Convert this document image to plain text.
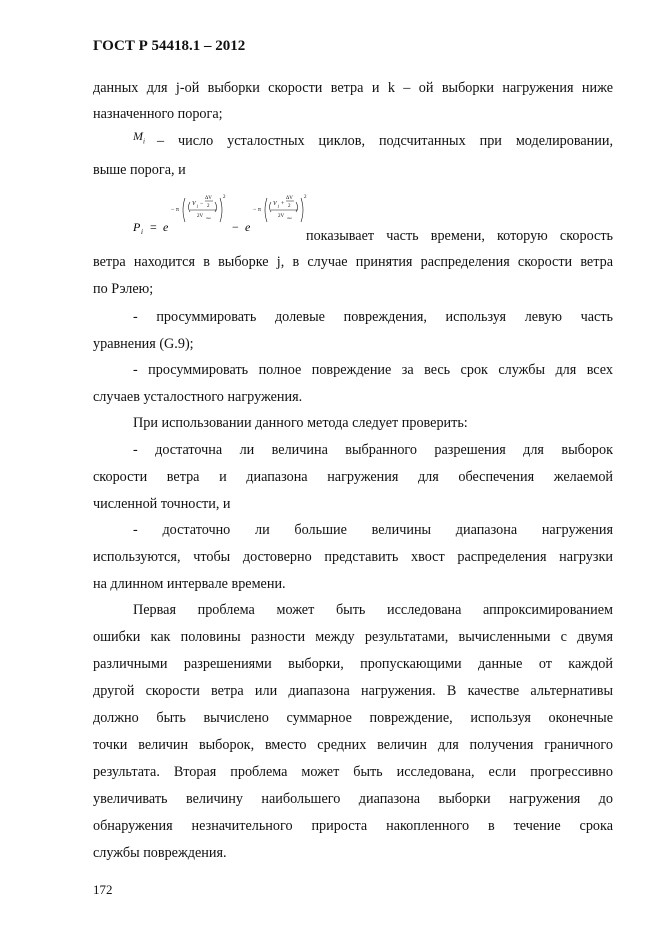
ГОСТ Р 54418.1 – 2012
данных для j-ой выборки скорости ветра и k – ой выборки нагружения ниже
назначенного порога;
$M_i$ – число усталостных циклов, подсчитанных при моделировании,
выше порога, и
P i = e
− π
V j −
ΔV
2
2V ave
2
− e
− π
V j +
ΔV
2
2V ave
2
показывает часть времени, которую скорость
ветра находится в выборке j, в случае принятия распределения скорости ветра
по Рэлею;
- просуммировать долевые повреждения, используя левую часть
уравнения (G.9);
- просуммировать полное повреждение за весь срок службы для всех
случаев усталостного нагружения.
При использовании данного метода следует проверить:
- достаточна ли величина выбранного разрешения для выборок
скорости ветра и диапазона нагружения для обеспечения желаемой
численной точности, и
- достаточно ли большие величины диапазона нагружения
используются, чтобы достоверно представить хвост распределения нагрузки
на длинном интервале времени.
Первая проблема может быть исследована аппроксимированием
ошибки как половины разности между результатами, вычисленными с двумя
различными разрешениями выборки, пропускающими данные от каждой
другой скорости ветра или диапазона нагружения. В качестве альтернативы
должно быть вычислено суммарное повреждение, используя оконечные
точки величин выборок, вместо средних величин для получения граничного
результата. Вторая проблема может быть исследована, если прогрессивно
увеличивать величину наибольшего диапазона выборки нагружения до
обнаружения незначительного прироста накопленного в течение срока
службы повреждения.
172
